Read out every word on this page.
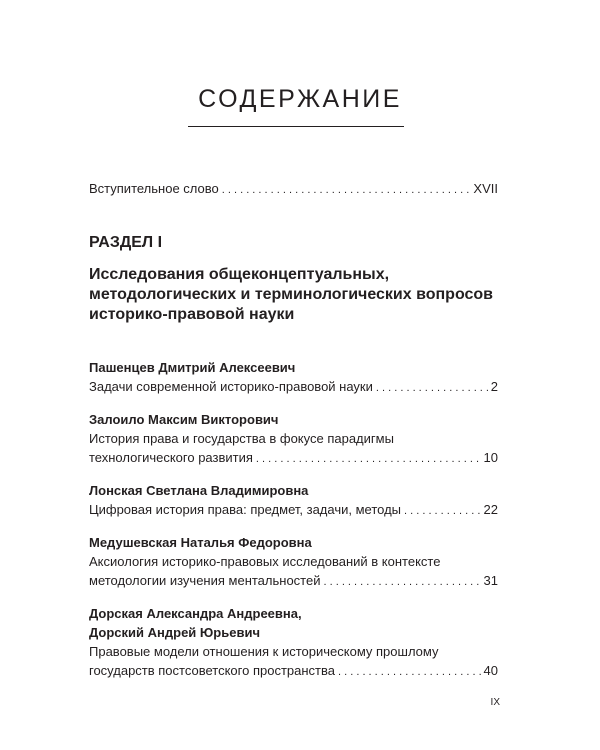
СОДЕРЖАНИЕ
Вступительное слово . . .	XVII
РАЗДЕЛ I
Исследования общеконцептуальных,
методологических и терминологических вопросов
историко-правовой науки
Пашенцев Дмитрий Алексеевич
Задачи современной историко-правовой науки . . .	2
Залоило Максим Викторович
История права и государства в фокусе парадигмы
технологического развития . . .	10
Лонская Светлана Владимировна
Цифровая история права: предмет, задачи, методы . . .	22
Медушевская Наталья Федоровна
Аксиология историко-правовых исследований в контексте
методологии изучения ментальностей . . .	31
Дорская Александра Андреевна,
Дорский Андрей Юрьевич
Правовые модели отношения к историческому прошлому
государств постсоветского пространства . . .	40
IX
